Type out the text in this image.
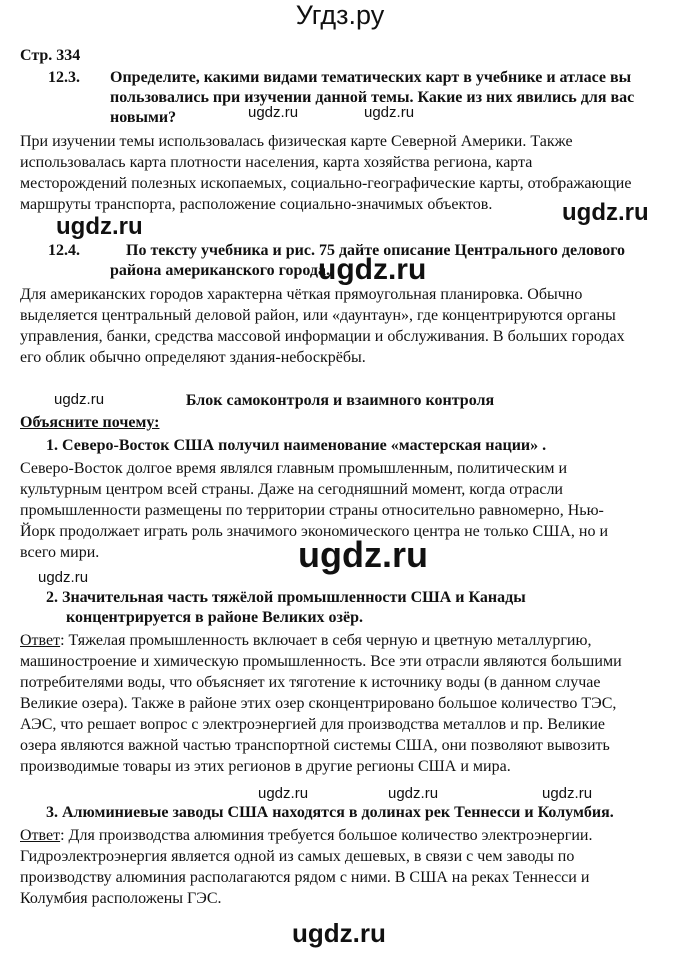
Угдз.ру
Стр. 334
12.3. Определите, какими видами тематических карт в учебнике и атласе вы
пользовались при изучении данной темы. Какие из них явились для вас
новыми?
При изучении темы использовалась физическая карте Северной Америки. Также
использовалась карта плотности населения, карта хозяйства региона, карта
месторождений полезных ископаемых, социально-географические карты, отображающие
маршруты транспорта, расположение социально-значимых объектов.
12.4.	По тексту учебника и рис. 75 дайте описание Центрального делового
района американского города.
Для американских городов характерна чёткая прямоугольная планировка. Обычно
выделяется центральный деловой район, или «даунтаун», где концентрируются органы
управления, банки, средства массовой информации и обслуживания. В больших городах
его облик обычно определяют здания-небоскрёбы.
Блок самоконтроля и взаимного контроля
Объясните почему:
1. Северо-Восток США получил наименование «мастерская нации» .
Северо-Восток долгое время являлся главным промышленным, политическим и
культурным центром всей страны. Даже на сегодняшний момент, когда отрасли
промышленности размещены по территории страны относительно равномерно, Нью-
Йорк продолжает играть роль значимого экономического центра не только США, но и
всего мири.
2. Значительная часть тяжёлой промышленности США и Канады
концентрируется в районе Великих озёр.
Ответ: Тяжелая промышленность включает в себя черную и цветную металлургию,
машиностроение и химическую промышленность. Все эти отрасли являются большими
потребителями воды, что объясняет их тяготение к источнику воды (в данном случае
Великие озера). Также в районе этих озер сконцентрировано большое количество ТЭС,
АЭС, что решает вопрос с электроэнергией для производства металлов и пр. Великие
озера являются важной частью транспортной системы США, они позволяют вывозить
производимые товары из этих регионов в другие регионы США и мира.
3. Алюминиевые заводы США находятся в долинах рек Теннесси и Колумбия.
Ответ: Для производства алюминия требуется большое количество электроэнергии.
Гидроэлектроэнергия является одной из самых дешевых, в связи с чем заводы по
производству алюминия располагаются рядом с ними. В США на реках Теннесси и
Колумбия расположены ГЭС.
ugdz.ru	ugdz.ru
ugdz.ru
ugdz.ru
ugdz.ru
ugdz.ru
ugdz.ru
ugdz.ru
ugdz.ru	ugdz.ru	ugdz.ru
ugdz.ru
